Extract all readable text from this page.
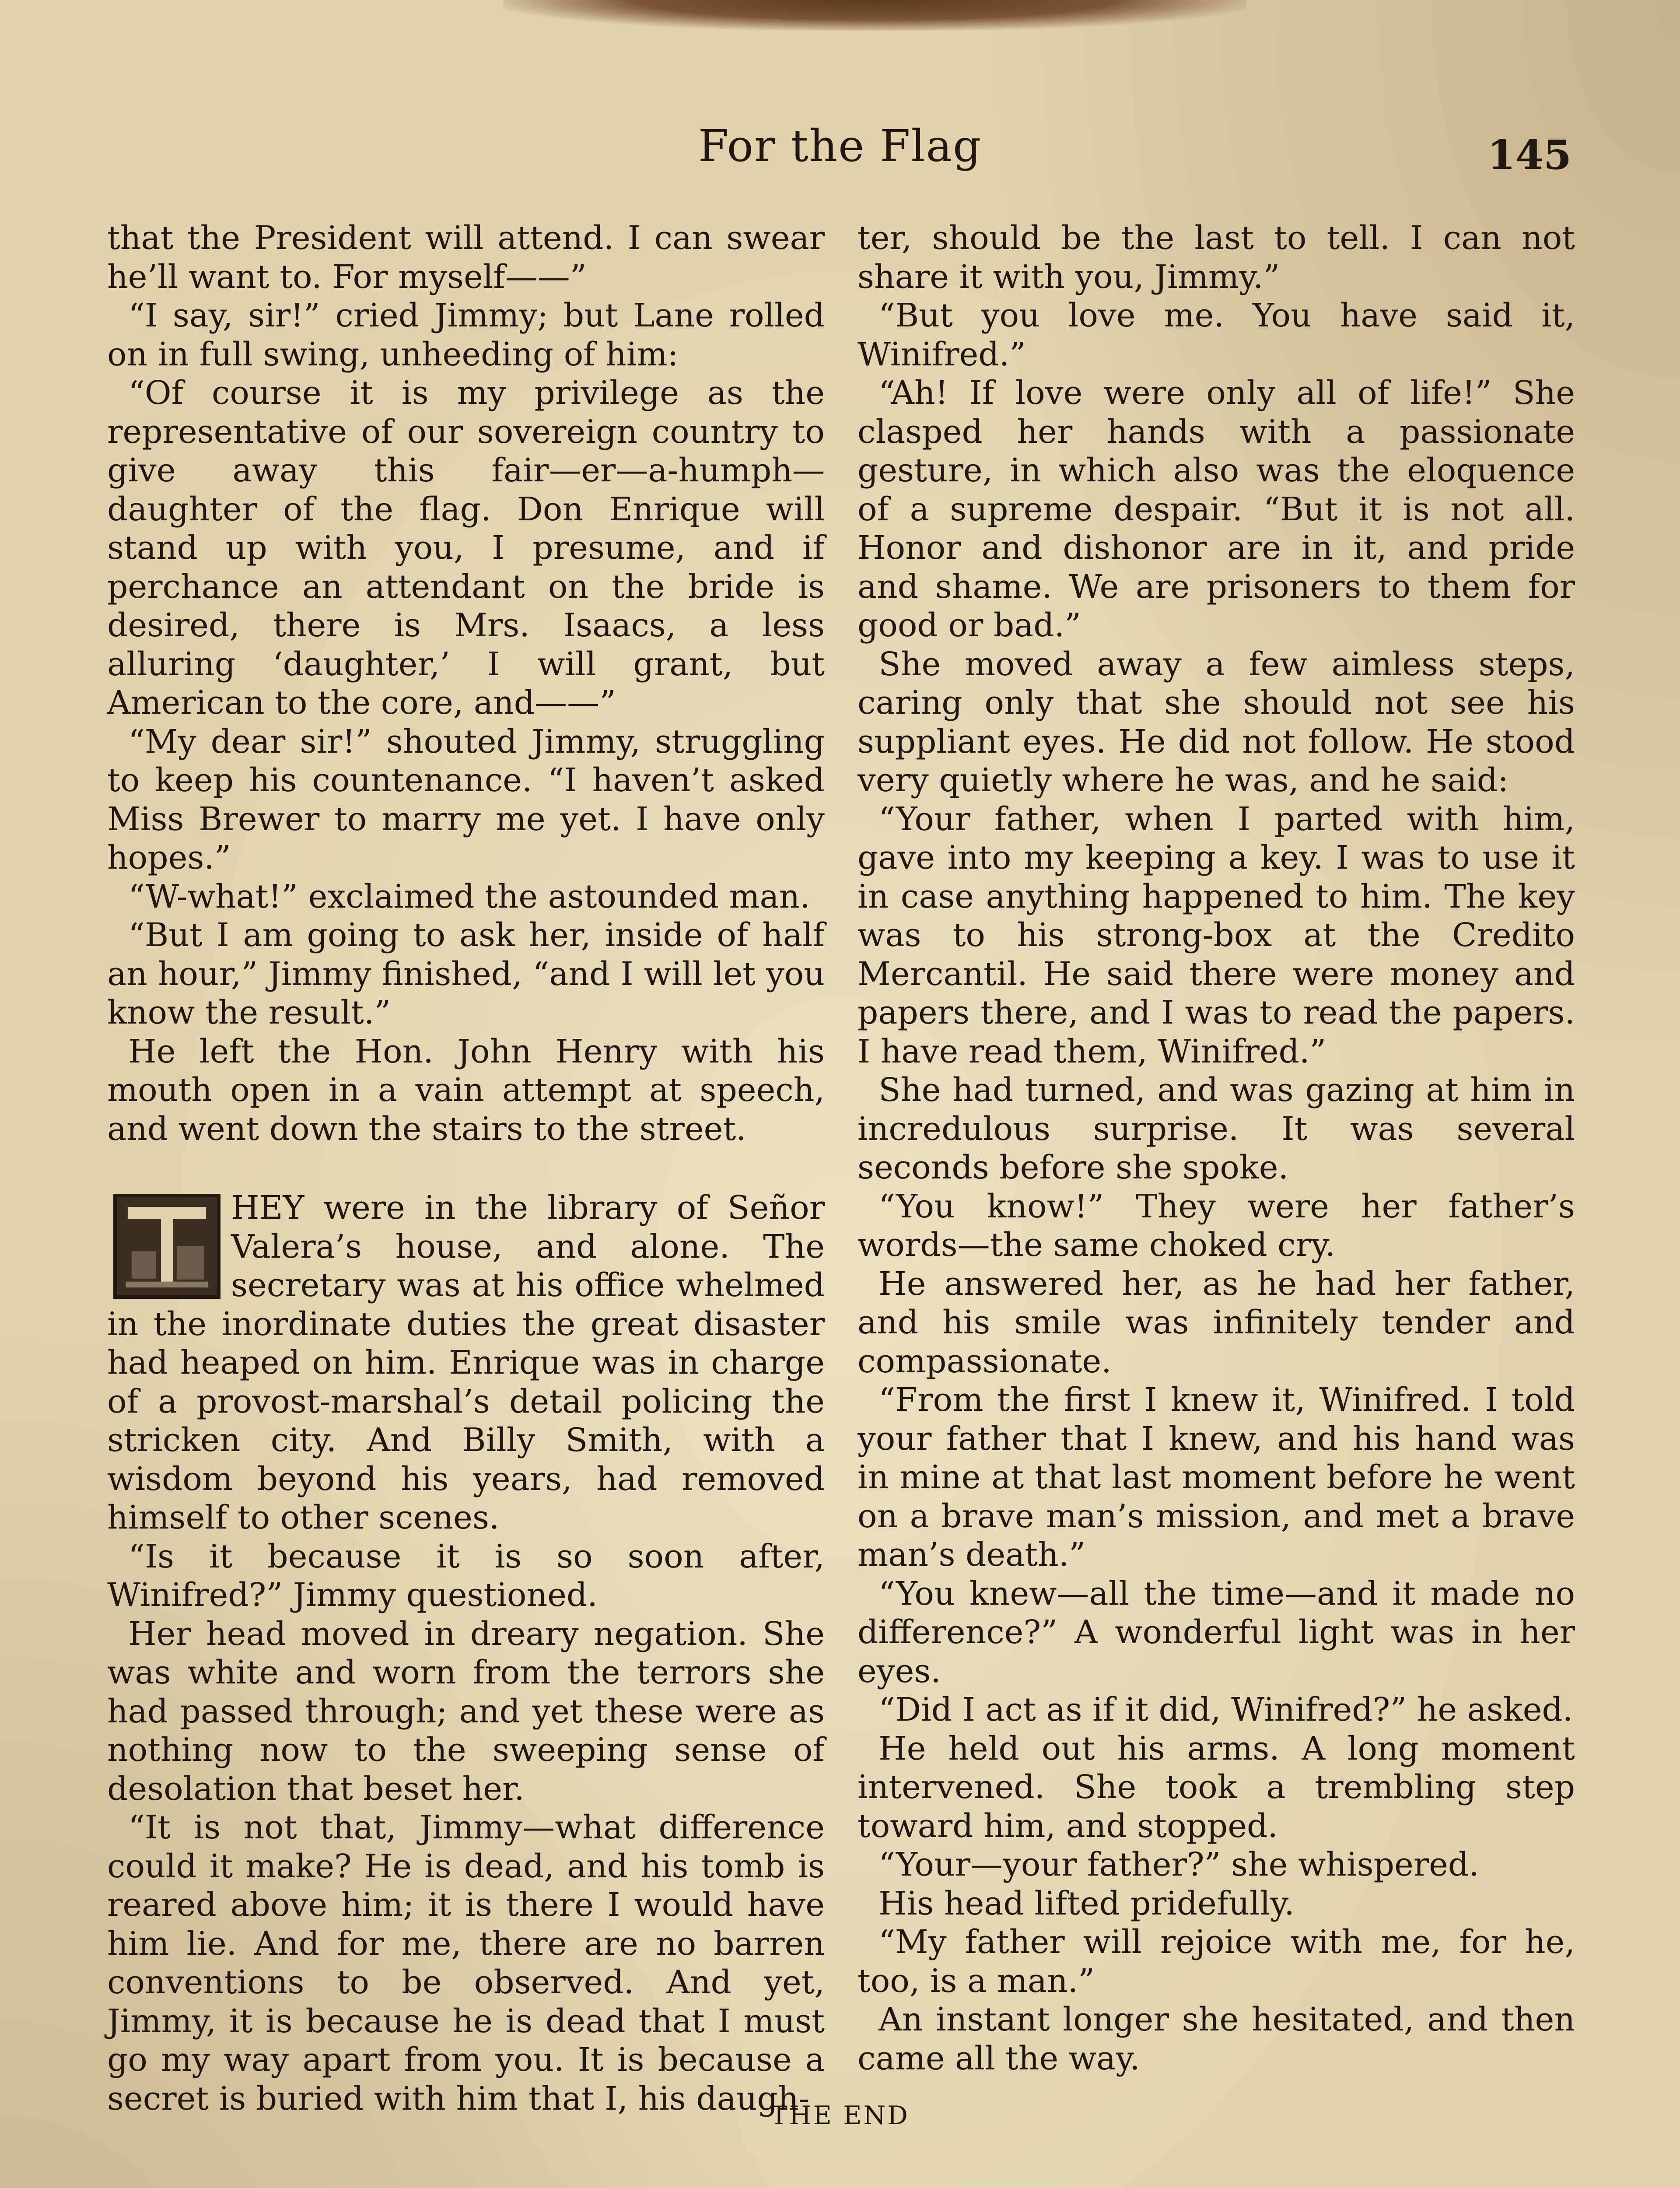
For the Flag	145

that the President will attend. I can swear he’ll want to. For myself——”

“I say, sir!” cried Jimmy; but Lane rolled on in full swing, unheeding of him:

“Of course it is my privilege as the representative of our sovereign country to give away this fair—er—a-humph—daughter of the flag. Don Enrique will stand up with you, I presume, and if perchance an attendant on the bride is desired, there is Mrs. Isaacs, a less alluring ‘daughter,’ I will grant, but American to the core, and——”

“My dear sir!” shouted Jimmy, struggling to keep his countenance. “I haven’t asked Miss Brewer to marry me yet. I have only hopes.”

“W-what!” exclaimed the astounded man.

“But I am going to ask her, inside of half an hour,” Jimmy finished, “and I will let you know the result.”

He left the Hon. John Henry with his mouth open in a vain attempt at speech, and went down the stairs to the street.

HEY were in the library of Señor Valera’s house, and alone. The secretary was at his office whelmed in the inordinate duties the great disaster had heaped on him. Enrique was in charge of a provost-marshal’s detail policing the stricken city. And Billy Smith, with a wisdom beyond his years, had removed himself to other scenes.

“Is it because it is so soon after, Winifred?” Jimmy questioned.

Her head moved in dreary negation. She was white and worn from the terrors she had passed through; and yet these were as nothing now to the sweeping sense of desolation that beset her.

“It is not that, Jimmy—what difference could it make? He is dead, and his tomb is reared above him; it is there I would have him lie. And for me, there are no barren conventions to be observed. And yet, Jimmy, it is because he is dead that I must go my way apart from you. It is because a secret is buried with him that I, his daugh-

ter, should be the last to tell. I can not share it with you, Jimmy.”

“But you love me. You have said it, Winifred.”

“Ah! If love were only all of life!” She clasped her hands with a passionate gesture, in which also was the eloquence of a supreme despair. “But it is not all. Honor and dishonor are in it, and pride and shame. We are prisoners to them for good or bad.”

She moved away a few aimless steps, caring only that she should not see his suppliant eyes. He did not follow. He stood very quietly where he was, and he said:

“Your father, when I parted with him, gave into my keeping a key. I was to use it in case anything happened to him. The key was to his strong-box at the Credito Mercantil. He said there were money and papers there, and I was to read the papers. I have read them, Winifred.”

She had turned, and was gazing at him in incredulous surprise. It was several seconds before she spoke.

“You know!” They were her father’s words—the same choked cry.

He answered her, as he had her father, and his smile was infinitely tender and compassionate.

“From the first I knew it, Winifred. I told your father that I knew, and his hand was in mine at that last moment before he went on a brave man’s mission, and met a brave man’s death.”

“You knew—all the time—and it made no difference?” A wonderful light was in her eyes.

“Did I act as if it did, Winifred?” he asked.

He held out his arms. A long moment intervened. She took a trembling step toward him, and stopped.

“Your—your father?” she whispered.

His head lifted pridefully.

“My father will rejoice with me, for he, too, is a man.”

An instant longer she hesitated, and then came all the way.

THE END
